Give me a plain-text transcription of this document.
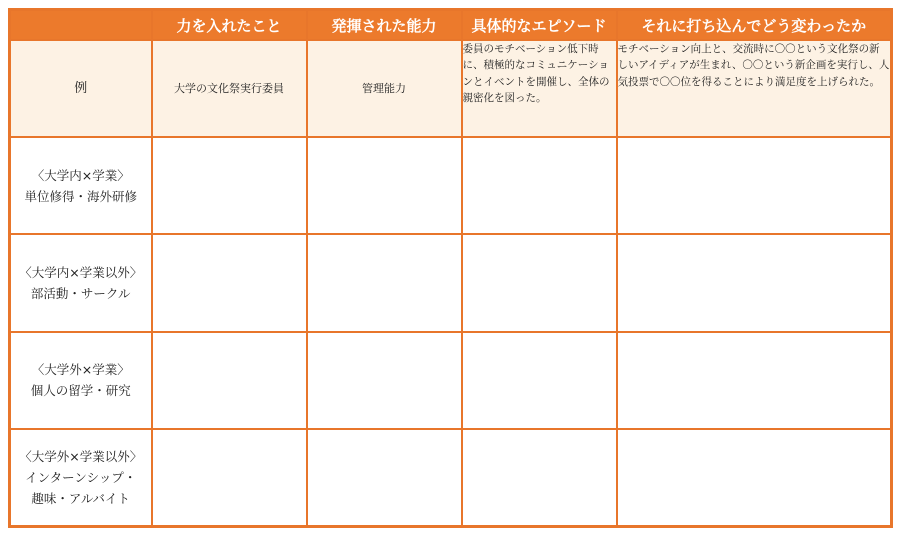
	力を入れたこと	発揮された能力	具体的なエピソード	それに打ち込んでどう変わったか
例	大学の文化祭実行委員	管理能力	委員のモチベーション低下時に、積極的なコミュニケーションとイベントを開催し、全体の親密化を図った。	モチベーション向上と、交流時に〇〇という文化祭の新しいアイディアが生まれ、〇〇という新企画を実行し、人気投票で〇〇位を得ることにより満足度を上げられた。

〈大学内×学業〉
単位修得・海外研修				

〈大学内×学業以外〉
部活動・サークル				

〈大学外×学業〉
個人の留学・研究				

〈大学外×学業以外〉
インターンシップ・
趣味・アルバイト				
